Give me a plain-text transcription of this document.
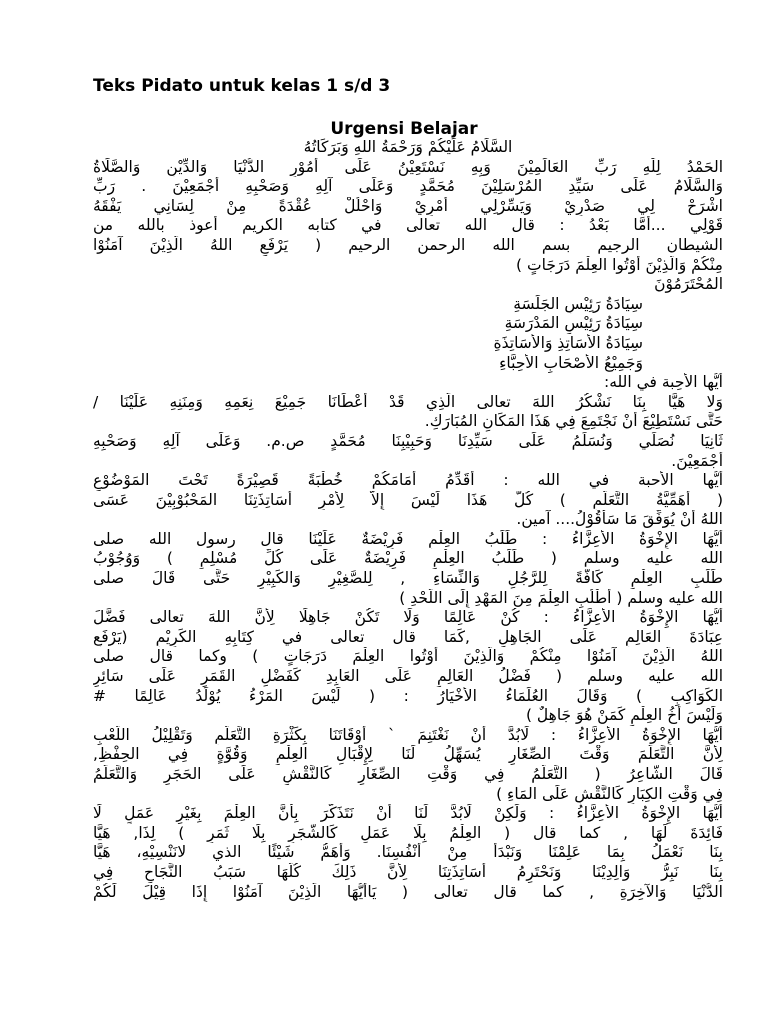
Teks Pidato untuk kelas 1 s/d 3
Urgensi Belajar
السَّلَامُ عَلَيْكُمْ وَرَحْمَةُ اللهِ وَبَرَكَاتُهُ
الحَمْدُ لِلّٰهِ رَبِّ العَالَمِيْنَ وَبِهِ نَسْتَعِيْنُ عَلَى أُمُوْرِ الدُّنْيَا وَالدِّيْنِ وَالصَّلَاةُ
وَالسَّلَامُ عَلَى سَيِّدِ المُرْسَلِيْنَ مُحَمَّدٍ وَعَلَى آلِهِ وَصَحْبِهِ أَجْمَعِيْنَ . رَبِّ
اشْرَحْ لِي صَدْرِيْ وَيَسِّرْلِي أَمْرِيْ وَاحْلُلْ عُقْدَةً مِنْ لِسَانِي يَفْقَهُ
قَوْلِي ...أَمَّا بَعْدُ : قال الله تعالى في كتابه الكريم أعوذ بالله من
الشيطان الرجيم بسم الله الرحمن الرحيم ( يَرْفَعِ اللهُ الَّذِيْنَ آمَنُوْا
مِنْكُمْ وَالَّذِيْنَ أُوْتُوا العِلْمَ دَرَجَاتٍ )
المُحْتَرَمُوْنَ
سِيَادَةُ رَئِيْسِ الجَلَسَةِ
سِيَادَةُ رَئِيْسِ المَدْرَسَةِ
سِيَادَةُ الأَسَاتِذِ وَالأَسَاتِذَةِ
وَجَمِيْعُ الأَصْحَابِ الأَحِبَّاءِ
أَيُّها الأحِبة في الله:
وَلا هَيَّا بِنَا نَشْكُرُ اللهَ تعالى الَّذِي قَدْ أَعْطَانَا جَمِيْعَ نِعَمِهِ وَمِنَنِهِ عَلَيْنَا /
حَتَّى نَسْتَطِيْعَ أَنْ نَجْتَمِعَ فِي هَذَا المَكَانِ المُبَارَكِ.
ثَانِيَا نُصَلِّي وَنُسَلِّمُ عَلَى سَيِّدِنَا وَحَبِيْبِنَا مُحَمَّدٍ ص.م. وَعَلَى آلِهِ وَصَحْبِهِ
أَجْمَعِيْنَ.
أَيُّها الأحبة في الله : أُقَدِّمُ أَمَامَكُمْ خُطْبَةً قَصِيْرَةً تَحْتَ المَوْضُوْعِ
( أَهَمِّيَّةُ التَّعَلُّمِ ) كُلُّ هَذَا لَيْسَ إِلاَّ لِأَمْرِ أَسَاتِذَتِنَا المَحْبُوْبِيْنَ عَسَى
اللهُ أَنْ يُوَفِّقَ مَا سَأَقُوْلُ.... آمين.
أَيُّهَا الإِخْوَةُ الأَعِزَّاءُ : طَلَبُ العِلْمِ فَرِيْضَةٌ عَلَيْنَا قال رسول الله صلى
الله عليه وسلم ( طَلَبُ العِلْمِ فَرِيْضَةٌ عَلَى كُلِّ مُسْلِمٍ ) وَوُجُوْبُ
طَلَبِ العِلْمِ كَافَّةً لِلرَّجُلِ وَالنِّسَاءِ , لِلصَّغِيْرِ وَالكَبِيْرِ حَتَّى قَالَ صلى
الله عليه وسلم ( أُطْلُبِ العِلْمَ مِنَ المَهْدِ إِلَى اللَّحْدِ )
أَيُّهَا الإِخْوَةُ الأَعِزَّاءُ : كُنْ عَالِمًا وَلَا تَكُنْ جَاهِلًا لِأَنَّ اللهَ تعالى فَضَّلَ
عِبَادَةَ العَالِمِ عَلَى الجَاهِلِ ,كَمَا قال تعالى في كِتَابِهِ الكَرِيْمِ (يَرْفَعِ
اللهُ الَّذِيْنَ آمَنُوْا مِنْكُمْ وَالَّذِيْنَ أُوْتُوا العِلْمَ دَرَجَاتٍ ) وكما قال صلى
الله عليه وسلم ( فَضْلُ العَالِمِ عَلَى العَابِدِ كَفَضْلِ القَمَرِ عَلَى سَائِرِ
الكَوَاكِبِ ) وَقَالَ العُلَمَاءُ الأَخْيَارُ : ( لَيْسَ المَرْءُ يُوْلَدُ عَالِمًا #
وَلَيْسَ أَخُ العِلْمِ كَمَنْ هُوَ جَاهِلٌ )
أَيُّهَا الإِخْوَةُ الأَعِزَّاءُ : لَابُدَّ أَنْ نَغْتَنِمَ ` أَوْقَاتَنَا بِكَثْرَةِ التَّعَلُّمِ وَتَقْلِيْلُ اللَّعْبِ
لِأَنَّ التَّعَلُّمَ وَقْتَ الصِّغَارِ يُسَهِّلُ لَنَا لِإِقْبَالِ العِلْمِ وَقُوَّةٍ فِي الحِفْظِ,
قَالَ الشَّاعِرُ ( التَّعَلُّمُ فِي وَقْتِ الصِّغَارِ كَالنَّقْشِ عَلَى الحَجَرِ وَالتَّعَلُّمُ
فِي وَقْتِ الكِبَارِ كَالنَّقْشِ عَلَى المَاءِ )
أَيُّهَا الإِخْوَةُ الأَعِزَّاءُ : وَلَكِنْ لَابُدَّ لَنَا أَنْ نَتَذَكَّرَ بِأَنَّ العِلْمَ بِغَيْرِ عَمَلٍ لَا
فَائِدَةَ لَهَا , كما قال ( العِلْمُ بِلَا عَمَلٍ كَالشَّجَرِ بِلَا ثَمَرٍ ) لِذَا, هَيَّا
بِنَا نَعْمَلُ بِمَا عَلِمْنَا وَنَبْدَأْ مِنْ أَنْفُسِنَا. وَأَهَمُّ شَيْئًا الذي لانَنْسِيْهِ، هَيَّا
بِنَا نَبِرُّ وَالِدِيْنَا وَنَحْتَرِمُ أَسَاتِذَتِنَا لِأَنَّ ذَلِكَ كُلُّهَا سَبَبُ النَّجَاحِ فِي
الدُّنْيَا وَالآخِرَةِ , كما قال تعالى ( يَاأَيُّهَا الَّذِيْنَ آمَنُوْا إِذَا قِيْلَ لَكُمْ
